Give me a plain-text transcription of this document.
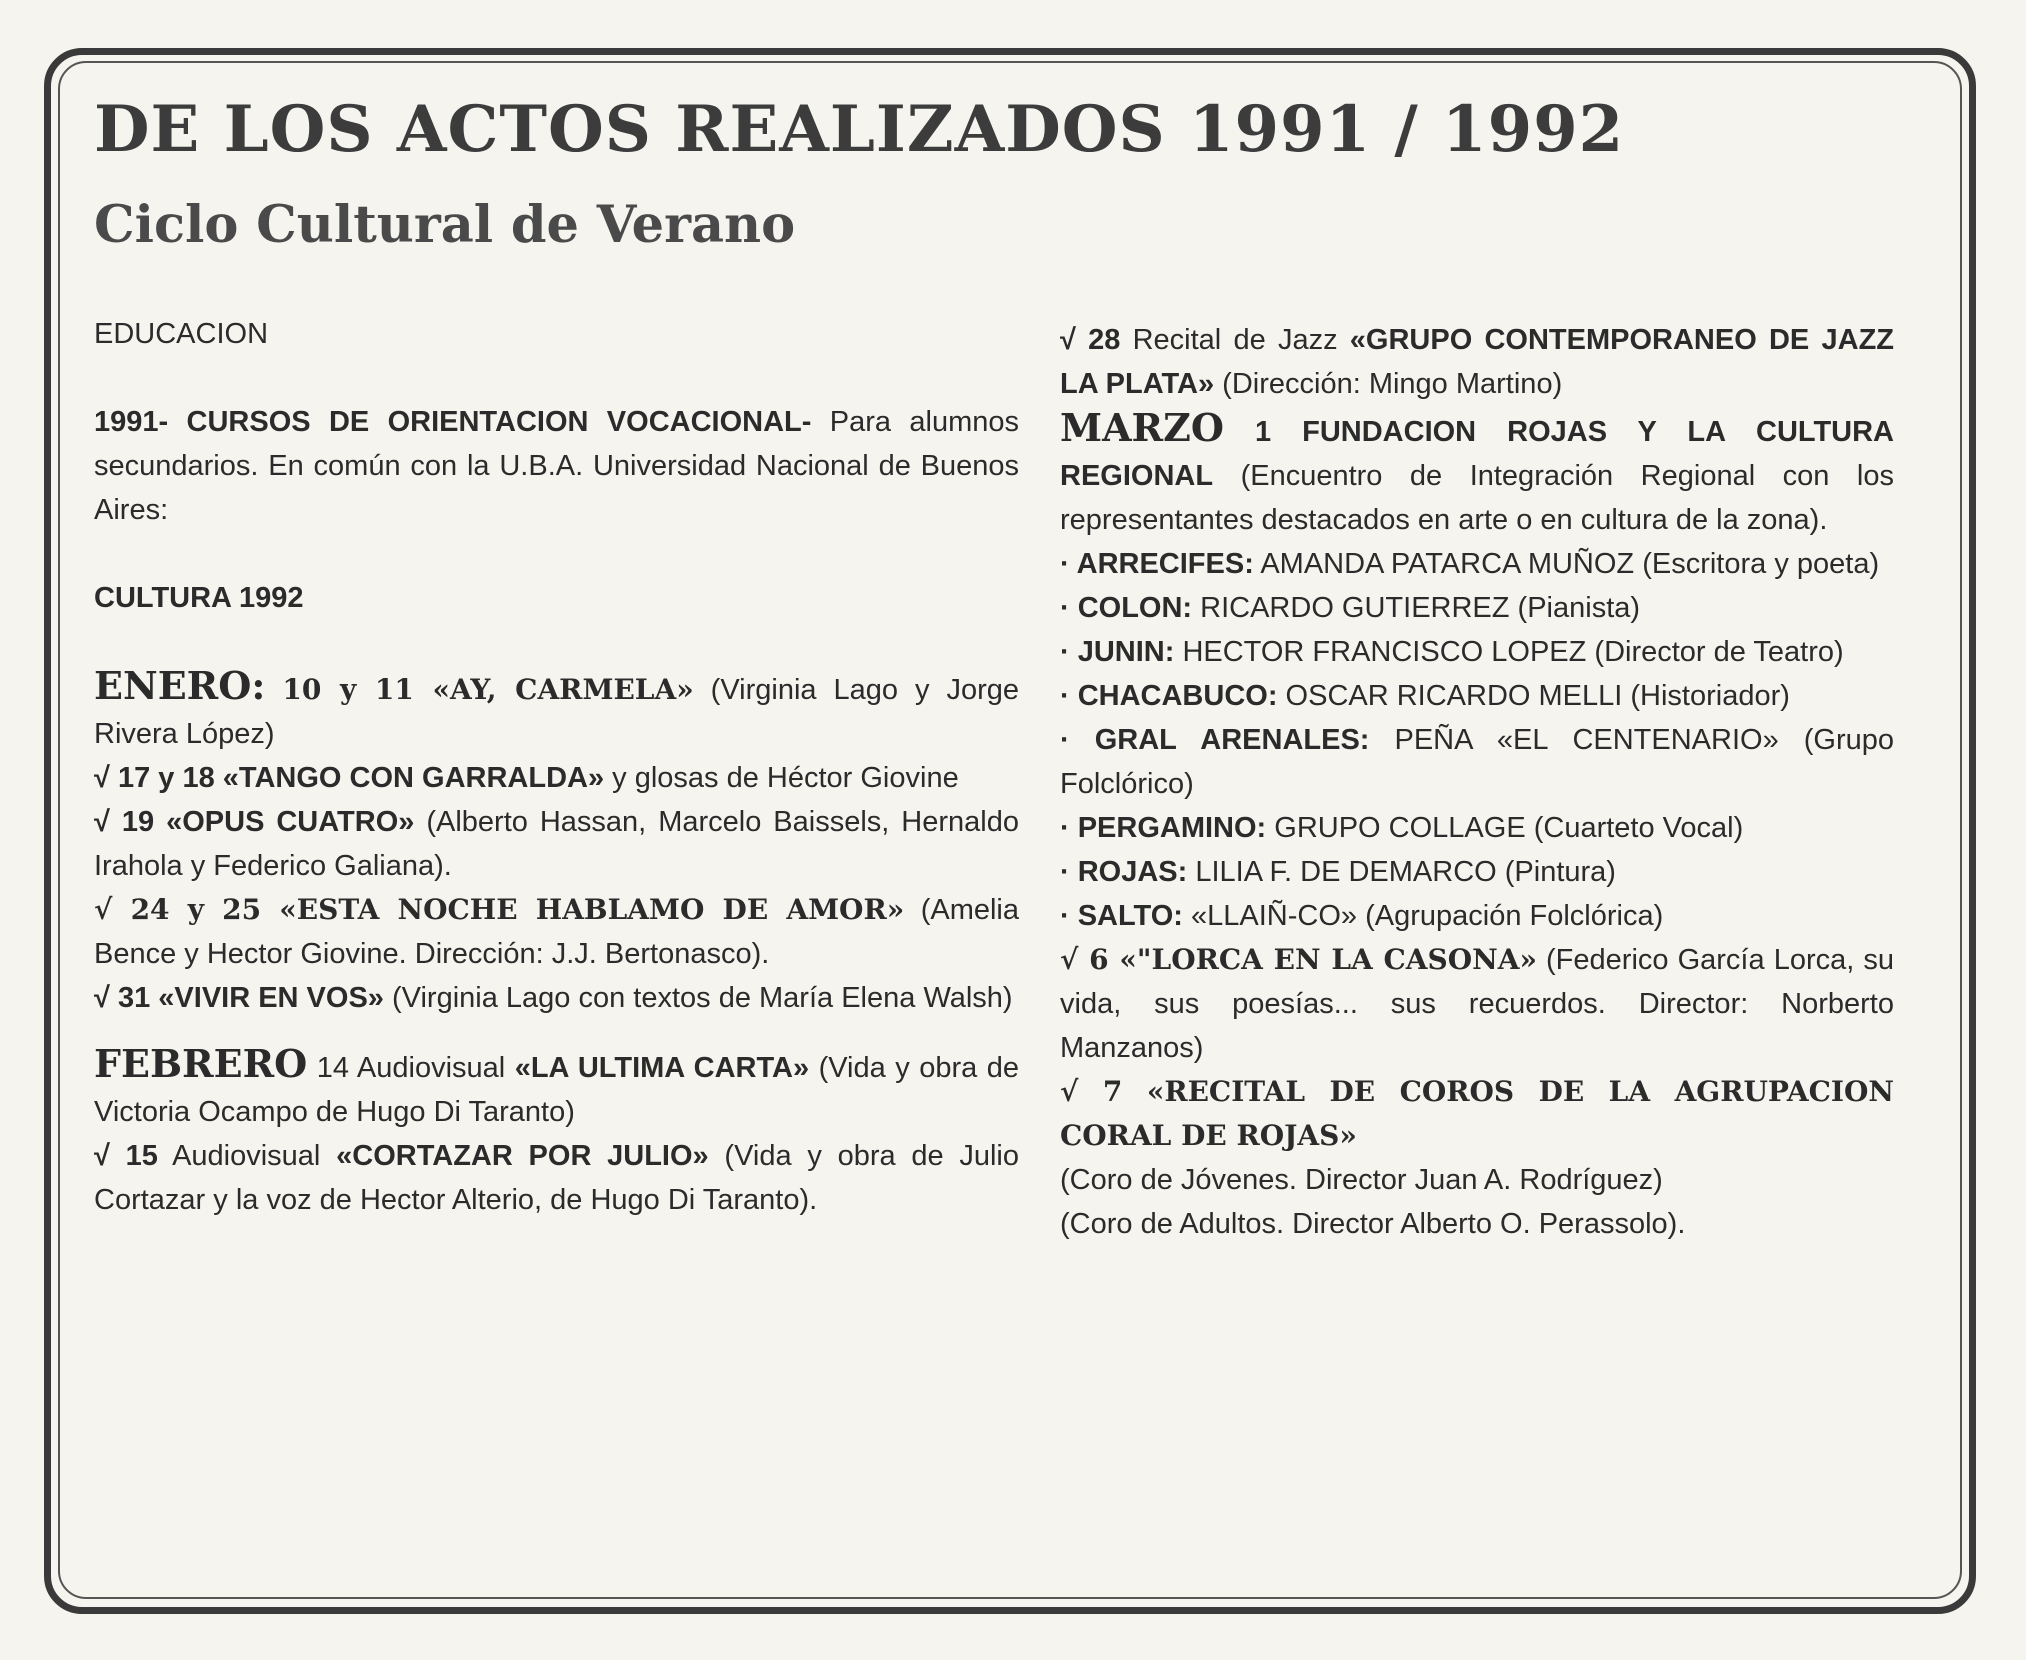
DE LOS ACTOS REALIZADOS 1991 / 1992
Ciclo Cultural de Verano

EDUCACION

1991- CURSOS DE ORIENTACION VOCACIONAL- Para alumnos secundarios. En común con la U.B.A. Universidad Nacional de Buenos Aires:

CULTURA 1992

ENERO: 10 y 11 «AY, CARMELA» (Virginia Lago y Jorge Rivera López)

√ 17 y 18 «TANGO CON GARRALDA» y glosas de Héctor Giovine

√ 19 «OPUS CUATRO» (Alberto Hassan, Marcelo Baissels, Hernaldo Irahola y Federico Galiana).

√ 24 y 25 «ESTA NOCHE HABLAMO DE AMOR» (Amelia Bence y Hector Giovine. Dirección: J.J. Bertonasco).

√ 31 «VIVIR EN VOS» (Virginia Lago con textos de María Elena Walsh)

FEBRERO 14 Audiovisual «LA ULTIMA CARTA» (Vida y obra de Victoria Ocampo de Hugo Di Taranto)

√ 15 Audiovisual «CORTAZAR POR JULIO» (Vida y obra de Julio Cortazar y la voz de Hector Alterio, de Hugo Di Taranto).

√ 28 Recital de Jazz «GRUPO CONTEMPORANEO DE JAZZ LA PLATA» (Dirección: Mingo Martino)

MARZO 1 FUNDACION ROJAS Y LA CULTURA REGIONAL (Encuentro de Integración Regional con los representantes destacados en arte o en cultura de la zona).

· ARRECIFES: AMANDA PATARCA MUÑOZ (Escritora y poeta)

· COLON: RICARDO GUTIERREZ (Pianista)

· JUNIN: HECTOR FRANCISCO LOPEZ (Director de Teatro)

· CHACABUCO: OSCAR RICARDO MELLI (Historiador)

· GRAL ARENALES: PEÑA «EL CENTENARIO» (Grupo Folclórico)

· PERGAMINO: GRUPO COLLAGE (Cuarteto Vocal)

· ROJAS: LILIA F. DE DEMARCO (Pintura)

· SALTO: «LLAIÑ-CO» (Agrupación Folclórica)

√ 6 «"LORCA EN LA CASONA» (Federico García Lorca, su vida, sus poesías... sus recuerdos. Director: Norberto Manzanos)

√ 7 «RECITAL DE COROS DE LA AGRUPACION CORAL DE ROJAS»

(Coro de Jóvenes. Director Juan A. Rodríguez)

(Coro de Adultos. Director Alberto O. Perassolo).
